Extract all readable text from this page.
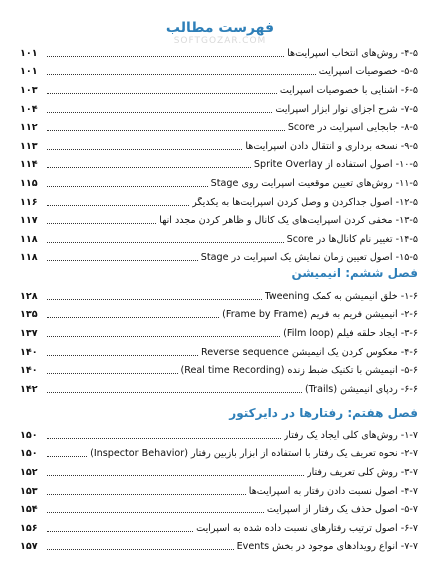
فهرست مطالب
SOFTGOZAR.COM
۴-۵- روش‌های انتخاب اسپرایت‌ها
۱۰۱
۵-۵- خصوصیات اسپرایت
۱۰۱
۶-۵- آشنایی با خصوصیات اسپرایت
۱۰۳
۷-۵- شرح اجزای نوار ابزار اسپرایت
۱۰۴
۸-۵- جابجایی اسپرایت در Score
۱۱۲
۹-۵- نسخه برداری و انتقال دادن اسپرایت‌ها
۱۱۳
۱۰-۵- اصول استفاده از Sprite Overlay
۱۱۴
۱۱-۵- روش‌های تعیین موقعیت اسپرایت روی Stage
۱۱۵
۱۲-۵- اصول جداکردن و وصل کردن اسپرایت‌ها به یکدیگر
۱۱۶
۱۳-۵- مخفی کردن اسپرایت‌های یک کانال و ظاهر کردن مجدد آنها
۱۱۷
۱۴-۵- تغییر نام کانال‌ها در Score
۱۱۸
۱۵-۵- اصول تعیین زمان نمایش یک اسپرایت در Stage
۱۱۸
فصل ششم: انیمیشن
۱-۶- خلق انیمیشن به کمک Tweening
۱۲۸
۲-۶- انیمیشن فریم به فریم (Frame by Frame)
۱۳۵
۳-۶- ایجاد حلقه فیلم (Film loop)
۱۳۷
۴-۶- معکوس کردن یک انیمیشن Reverse sequence
۱۴۰
۵-۶- انیمیشن با تکنیک ضبط زنده (Real time Recording)
۱۴۰
۶-۶- ردپای انیمیشن (Trails)
۱۴۲
فصل هفتم: رفتارها در دایرکتور
۱-۷- روش‌های کلی ایجاد یک رفتار
۱۵۰
۲-۷- نحوه تعریف یک رفتار با استفاده از ابزار بازبین رفتار (Inspector Behavior)
۱۵۰
۳-۷- روش کلی تعریف رفتار
۱۵۲
۴-۷- اصول نسبت دادن رفتار به اسپرایت‌ها
۱۵۳
۵-۷- اصول حذف یک رفتار از اسپرایت
۱۵۴
۶-۷- اصول ترتیب رفتارهای نسبت داده شده به اسپرایت
۱۵۶
۷-۷- انواع رویدادهای موجود در بخش Events
۱۵۷
